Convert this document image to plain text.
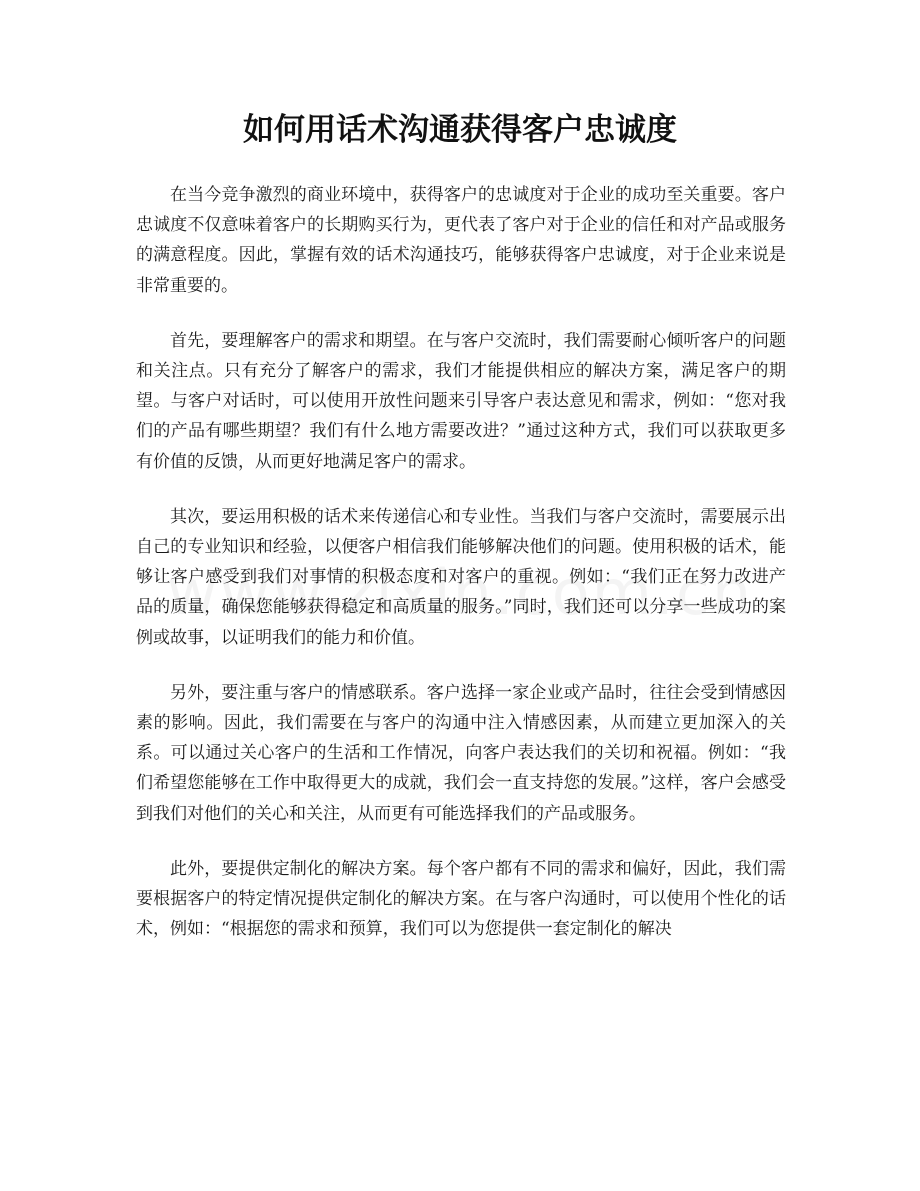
如何用话术沟通获得客户忠诚度

在当今竞争激烈的商业环境中，获得客户的忠诚度对于企业的成功至关重要。客户忠诚度不仅意味着客户的长期购买行为，更代表了客户对于企业的信任和对产品或服务的满意程度。因此，掌握有效的话术沟通技巧，能够获得客户忠诚度，对于企业来说是非常重要的。

首先，要理解客户的需求和期望。在与客户交流时，我们需要耐心倾听客户的问题和关注点。只有充分了解客户的需求，我们才能提供相应的解决方案，满足客户的期望。与客户对话时，可以使用开放性问题来引导客户表达意见和需求，例如：“您对我们的产品有哪些期望？我们有什么地方需要改进？”通过这种方式，我们可以获取更多有价值的反馈，从而更好地满足客户的需求。

其次，要运用积极的话术来传递信心和专业性。当我们与客户交流时，需要展示出自己的专业知识和经验，以便客户相信我们能够解决他们的问题。使用积极的话术，能够让客户感受到我们对事情的积极态度和对客户的重视。例如：“我们正在努力改进产品的质量，确保您能够获得稳定和高质量的服务。”同时，我们还可以分享一些成功的案例或故事，以证明我们的能力和价值。

另外，要注重与客户的情感联系。客户选择一家企业或产品时，往往会受到情感因素的影响。因此，我们需要在与客户的沟通中注入情感因素，从而建立更加深入的关系。可以通过关心客户的生活和工作情况，向客户表达我们的关切和祝福。例如：“我们希望您能够在工作中取得更大的成就，我们会一直支持您的发展。”这样，客户会感受到我们对他们的关心和关注，从而更有可能选择我们的产品或服务。

此外，要提供定制化的解决方案。每个客户都有不同的需求和偏好，因此，我们需要根据客户的特定情况提供定制化的解决方案。在与客户沟通时，可以使用个性化的话术，例如：“根据您的需求和预算，我们可以为您提供一套定制化的解决
